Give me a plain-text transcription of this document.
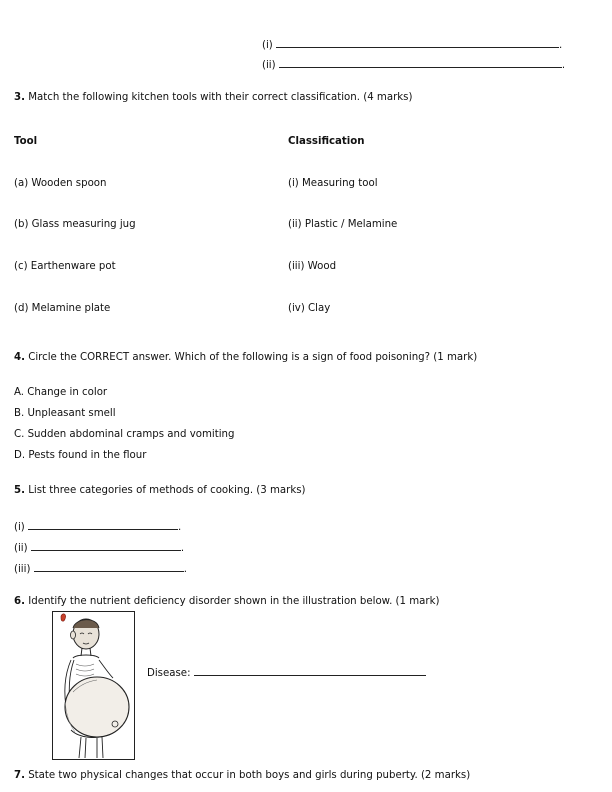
(i)	.
(ii)	.
3. Match the following kitchen tools with their correct classification. (4 marks)
Tool	Classification
(a) Wooden spoon	(i) Measuring tool
(b) Glass measuring jug	(ii) Plastic / Melamine
(c) Earthenware pot	(iii) Wood
(d) Melamine plate	(iv) Clay
4. Circle the CORRECT answer. Which of the following is a sign of food poisoning? (1 mark)
A. Change in color
B. Unpleasant smell
C. Sudden abdominal cramps and vomiting
D. Pests found in the flour
5. List three categories of methods of cooking. (3 marks)
(i)	.
(ii)	.
(iii)	.
6. Identify the nutrient deficiency disorder shown in the illustration below. (1 mark)
Disease:
7. State two physical changes that occur in both boys and girls during puberty. (2 marks)
